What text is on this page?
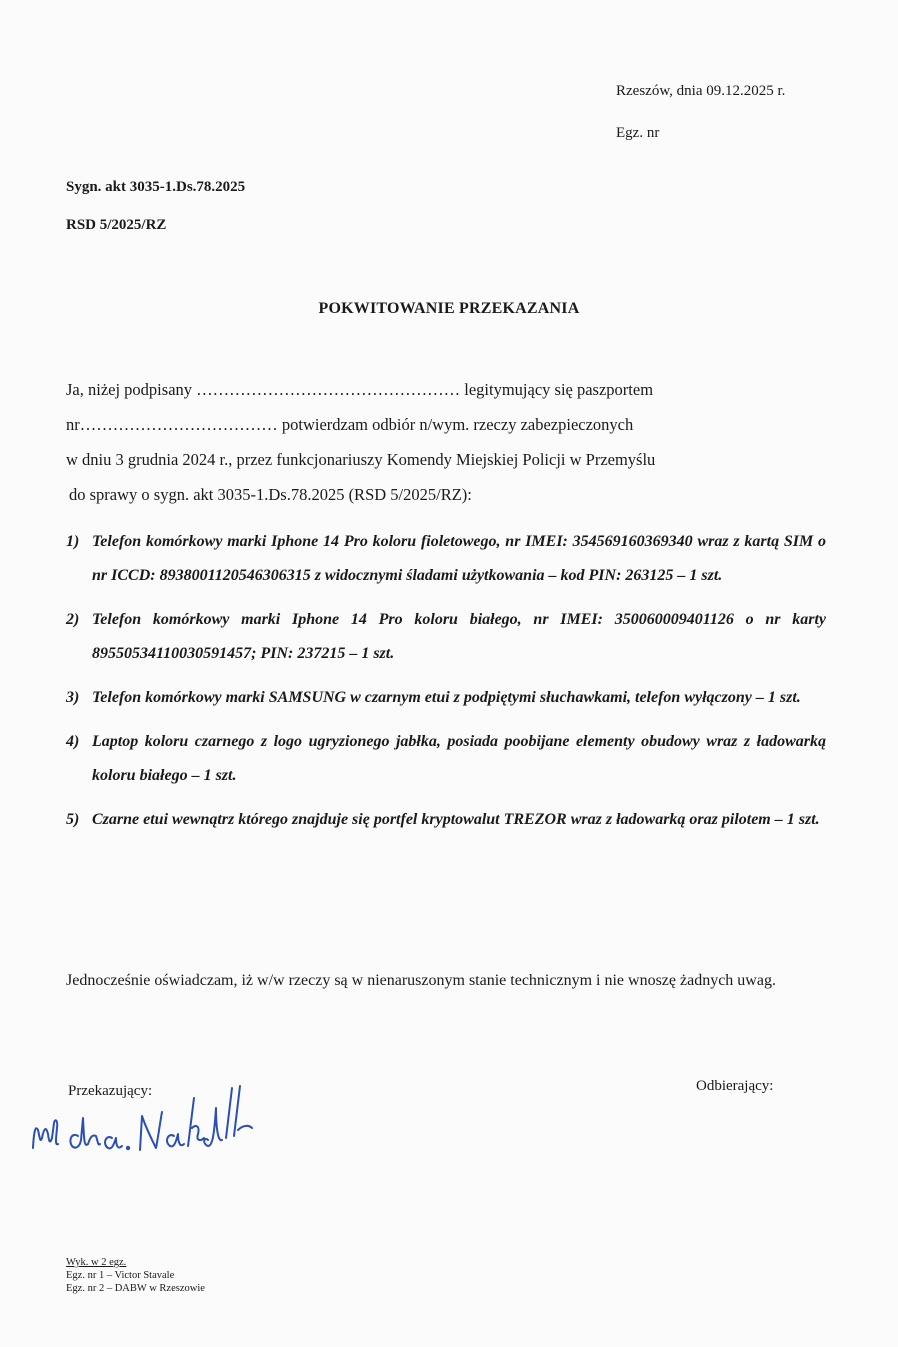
Rzeszów, dnia 09.12.2025 r.
Egz. nr
Sygn. akt 3035-1.Ds.78.2025
RSD 5/2025/RZ
POKWITOWANIE PRZEKAZANIA

Ja, niżej podpisany ………………………………………… legitymujący się paszportem

nr……………………………… potwierdzam odbiór n/wym. rzeczy zabezpieczonych

w dniu 3 grudnia 2024 r., przez funkcjonariuszy Komendy Miejskiej Policji w Przemyślu

do sprawy o sygn. akt 3035-1.Ds.78.2025 (RSD 5/2025/RZ):

1) Telefon komórkowy marki Iphone 14 Pro koloru fioletowego, nr IMEI: 354569160369340 wraz z kartą SIM o nr ICCD: 8938001120546306315 z widocznymi śladami użytkowania – kod PIN: 263125 – 1 szt.
2) Telefon komórkowy marki Iphone 14 Pro koloru białego, nr IMEI: 350060009401126 o nr karty 8955053411003059145​7; PIN: 237215 – 1 szt.
3) Telefon komórkowy marki SAMSUNG w czarnym etui z podpiętymi słuchawkami, telefon wyłączony – 1 szt.
4) Laptop koloru czarnego z logo ugryzionego jabłka, posiada poobijane elementy obudowy wraz z ładowarką koloru białego – 1 szt.
5) Czarne etui wewnątrz którego znajduje się portfel kryptowalut TREZOR wraz z ładowarką oraz pilotem – 1 szt.
Jednocześnie oświadczam, iż w/w rzeczy są w nienaruszonym stanie technicznym i nie wnoszę żadnych uwag.
Przekazujący:	Odbierający:
Wyk. w 2 egz.
Egz. nr 1 – Victor Stavale
Egz. nr 2 – DABW w Rzeszowie
